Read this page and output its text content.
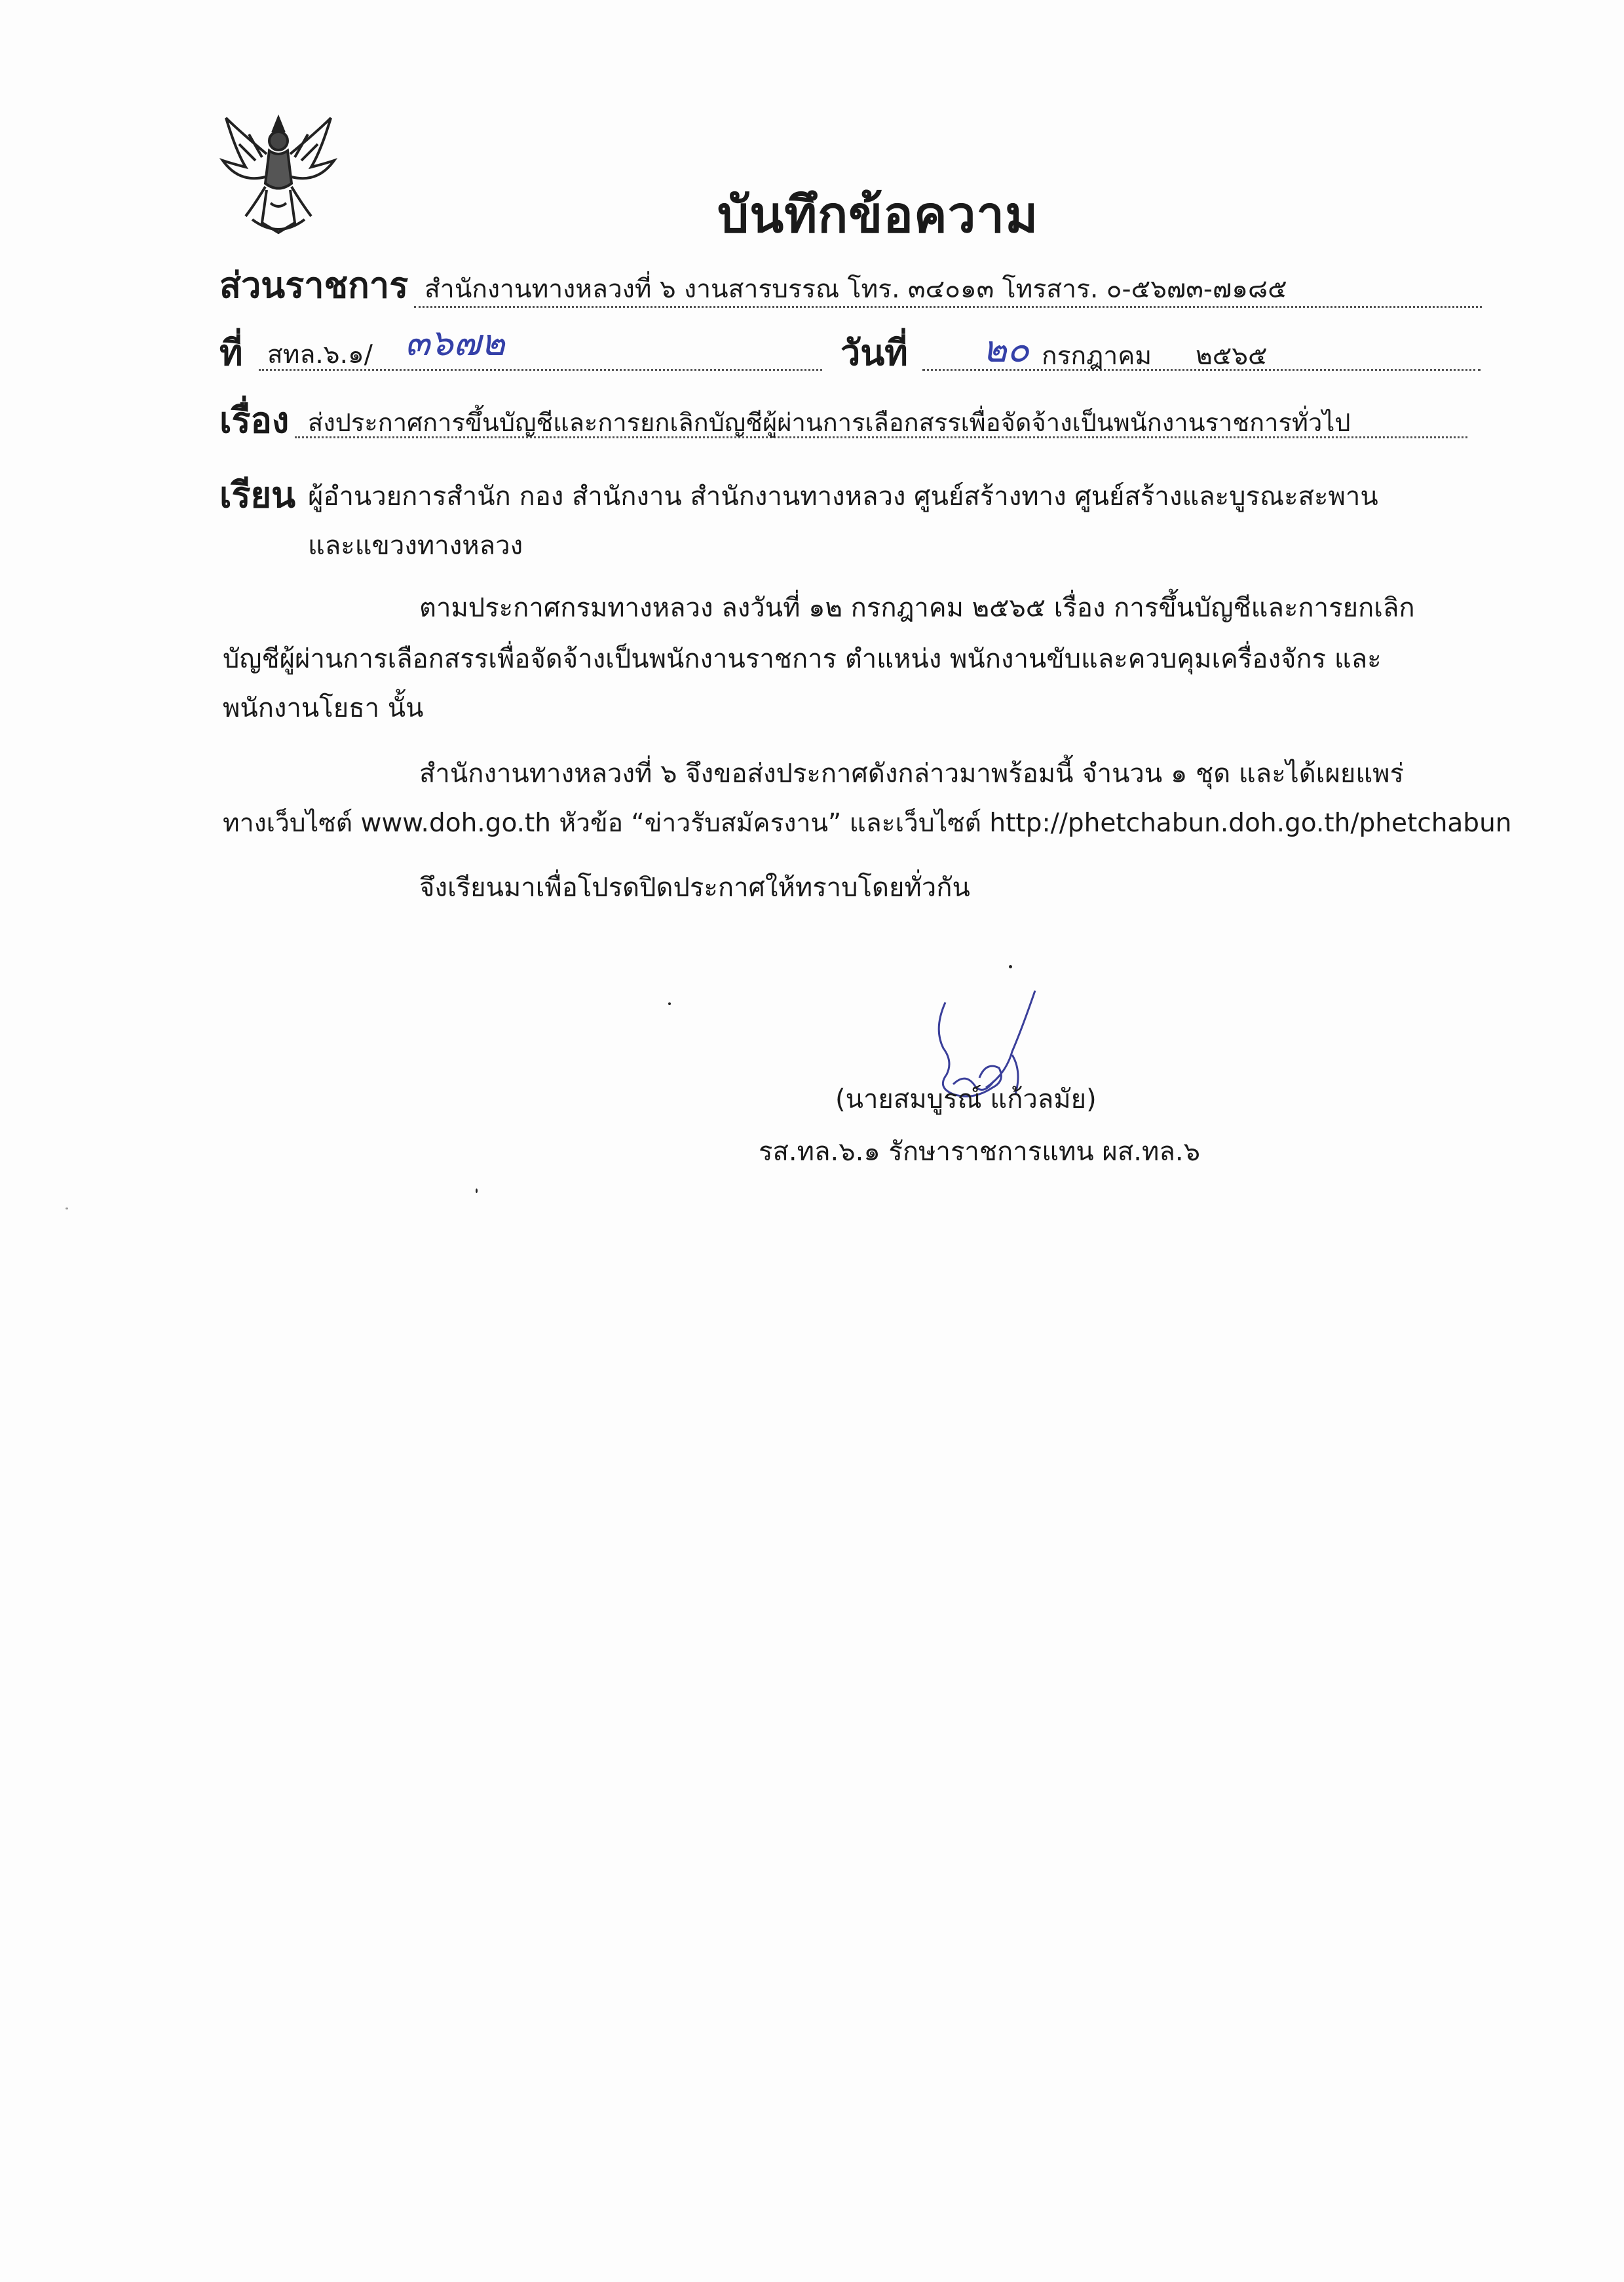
บันทึกข้อความ
ส่วนราชการ สำนักงานทางหลวงที่ ๖ งานสารบรรณ โทร. ๓๔๐๑๓ โทรสาร. ๐-๕๖๗๓-๗๑๘๕
ที่ สทล.๖.๑/ ๓๖๗๒	วันที่ ๒๐ กรกฎาคม ๒๕๖๕
เรื่อง ส่งประกาศการขึ้นบัญชีและการยกเลิกบัญชีผู้ผ่านการเลือกสรรเพื่อจัดจ้างเป็นพนักงานราชการทั่วไป
เรียน ผู้อำนวยการสำนัก กอง สำนักงาน สำนักงานทางหลวง ศูนย์สร้างทาง ศูนย์สร้างและบูรณะสะพาน
และแขวงทางหลวง
ตามประกาศกรมทางหลวง ลงวันที่ ๑๒ กรกฎาคม ๒๕๖๕ เรื่อง การขึ้นบัญชีและการยกเลิก
บัญชีผู้ผ่านการเลือกสรรเพื่อจัดจ้างเป็นพนักงานราชการ ตำแหน่ง พนักงานขับและควบคุมเครื่องจักร และ
พนักงานโยธา นั้น
สำนักงานทางหลวงที่ ๖ จึงขอส่งประกาศดังกล่าวมาพร้อมนี้ จำนวน ๑ ชุด และได้เผยแพร่
ทางเว็บไซต์ www.doh.go.th หัวข้อ “ข่าวรับสมัครงาน” และเว็บไซต์ http://phetchabun.doh.go.th/phetchabun
จึงเรียนมาเพื่อโปรดปิดประกาศให้ทราบโดยทั่วกัน
(นายสมบูรณ์ แก้วลมัย)
รส.ทล.๖.๑ รักษาราชการแทน ผส.ทล.๖
